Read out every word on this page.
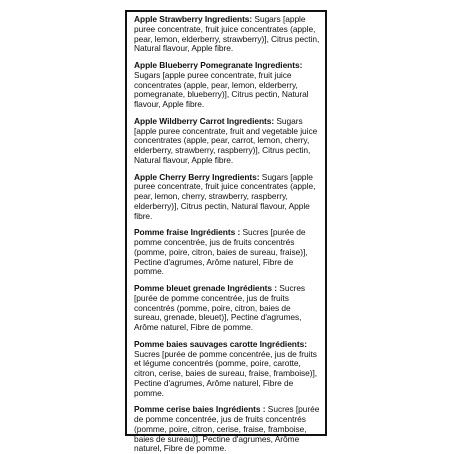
Apple Strawberry Ingredients: Sugars [apple puree concentrate, fruit juice concentrates (apple, pear, lemon, elderberry, strawberry)], Citrus pectin, Natural flavour, Apple fibre.

Apple Blueberry Pomegranate Ingredients: Sugars [apple puree concentrate, fruit juice concentrates (apple, pear, lemon, elderberry, pomegranate, blueberry)], Citrus pectin, Natural flavour, Apple fibre.

Apple Wildberry Carrot Ingredients: Sugars [apple puree concentrate, fruit and vegetable juice concentrates (apple, pear, carrot, lemon, cherry, elderberry, strawberry, raspberry)], Citrus pectin, Natural flavour, Apple fibre.

Apple Cherry Berry Ingredients: Sugars [apple puree concentrate, fruit juice concentrates (apple, pear, lemon, cherry, strawberry, raspberry, elderberry)], Citrus pectin, Natural flavour, Apple fibre.

Pomme fraise Ingrédients : Sucres [purée de pomme concentrée, jus de fruits concentrés (pomme, poire, citron, baies de sureau, fraise)], Pectine d'agrumes, Arôme naturel, Fibre de pomme.

Pomme bleuet grenade Ingrédients : Sucres [purée de pomme concentrée, jus de fruits concentrés (pomme, poire, citron, baies de sureau, grenade, bleuet)], Pectine d'agrumes, Arôme naturel, Fibre de pomme.

Pomme baies sauvages carotte Ingrédients: Sucres [purée de pomme concentrée, jus de fruits et légume concentrés (pomme, poire, carotte, citron, cerise, baies de sureau, fraise, framboise)], Pectine d'agrumes, Arôme naturel, Fibre de pomme.

Pomme cerise baies Ingrédients : Sucres [purée de pomme concentrée, jus de fruits concentrés (pomme, poire, citron, cerise, fraise, framboise, baies de sureau)], Pectine d'agrumes, Arôme naturel, Fibre de pomme.
